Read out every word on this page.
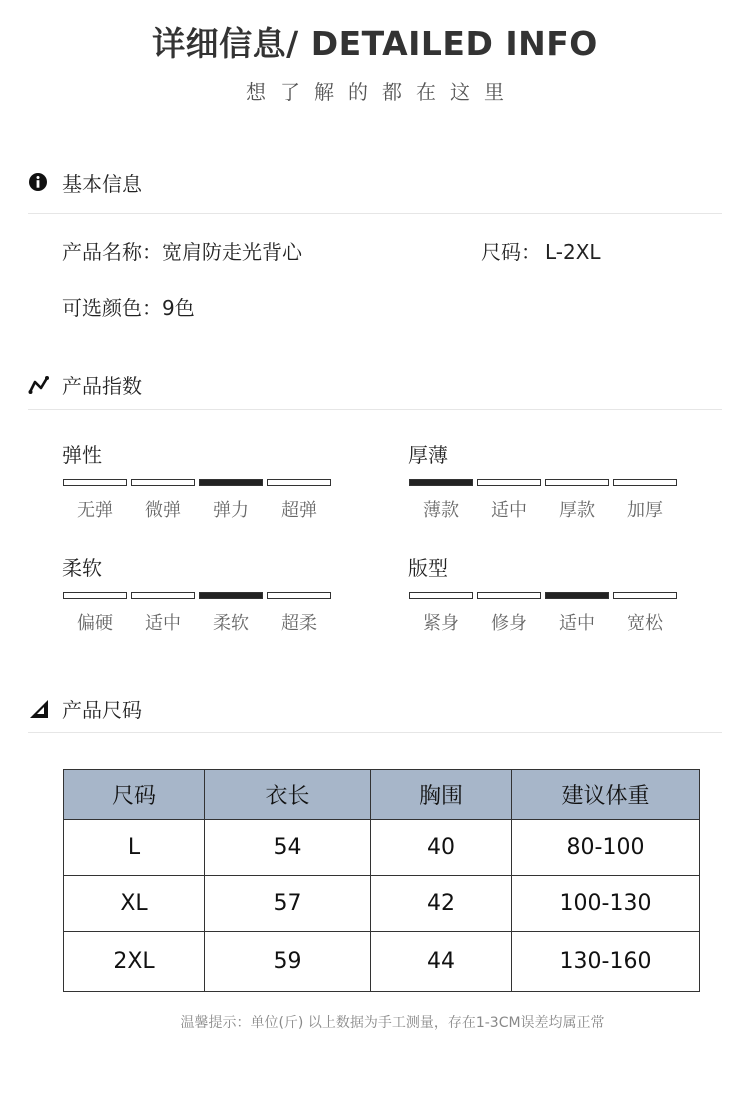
详细信息/ DETAILED INFO
想了解的都在这里
基本信息
产品名称：宽肩防走光背心	尺码： L-2XL
可选颜色：9色
产品指数
弹性
无弹	微弹	弹力	超弹
厚薄
薄款	适中	厚款	加厚
柔软
偏硬	适中	柔软	超柔
版型
紧身	修身	适中	宽松
产品尺码
尺码	衣长	胸围	建议体重
L	54	40	80-100
XL	57	42	100-130
2XL	59	44	130-160
温馨提示：单位(斤) 以上数据为手工测量，存在1-3CM误差均属正常
